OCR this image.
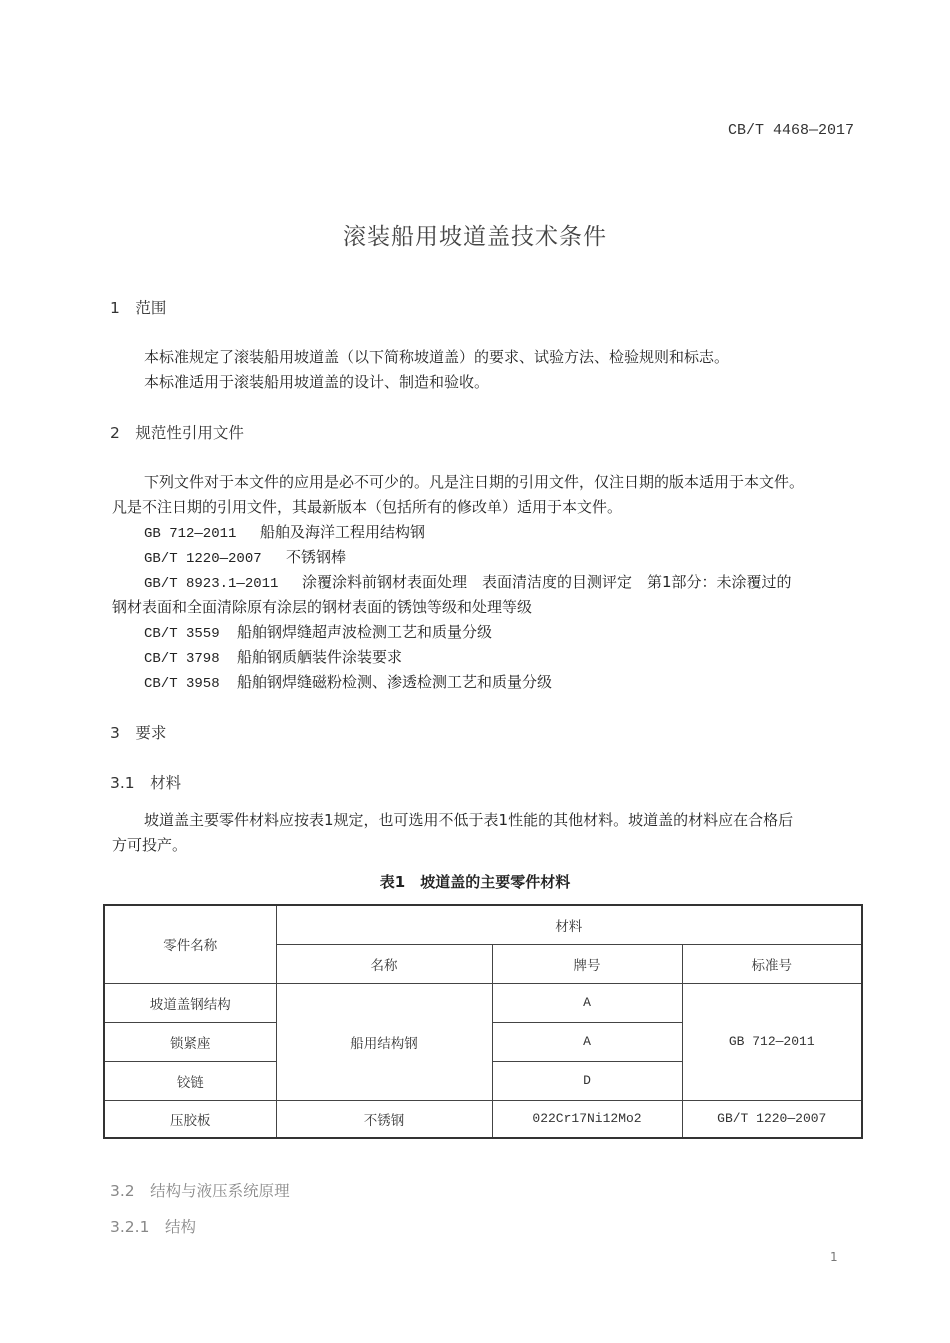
CB/T 4468—2017
滚装船用坡道盖技术条件
1　范围
本标准规定了滚装船用坡道盖（以下简称坡道盖）的要求、试验方法、检验规则和标志。
本标准适用于滚装船用坡道盖的设计、制造和验收。
2　规范性引用文件
下列文件对于本文件的应用是必不可少的。凡是注日期的引用文件，仅注日期的版本适用于本文件。
凡是不注日期的引用文件，其最新版本（包括所有的修改单）适用于本文件。
GB 712—2011 船舶及海洋工程用结构钢
GB/T 1220—2007 不锈钢棒
GB/T 8923.1—2011 涂覆涂料前钢材表面处理　表面清洁度的目测评定　第1部分：未涂覆过的
钢材表面和全面清除原有涂层的钢材表面的锈蚀等级和处理等级
CB/T 3559 船舶钢焊缝超声波检测工艺和质量分级
CB/T 3798 船舶钢质舾装件涂装要求
CB/T 3958 船舶钢焊缝磁粉检测、渗透检测工艺和质量分级
3　要求
3.1　材料
坡道盖主要零件材料应按表1规定，也可选用不低于表1性能的其他材料。坡道盖的材料应在合格后
方可投产。
表1　坡道盖的主要零件材料
零件名称	材料		
	名称	牌号	标准号
坡道盖钢结构	船用结构钢	A	GB 712—2011
锁紧座		A	
铰链		D	
压胶板	不锈钢	022Cr17Ni12Mo2	GB/T 1220—2007
3.2　结构与液压系统原理
3.2.1　结构
1
